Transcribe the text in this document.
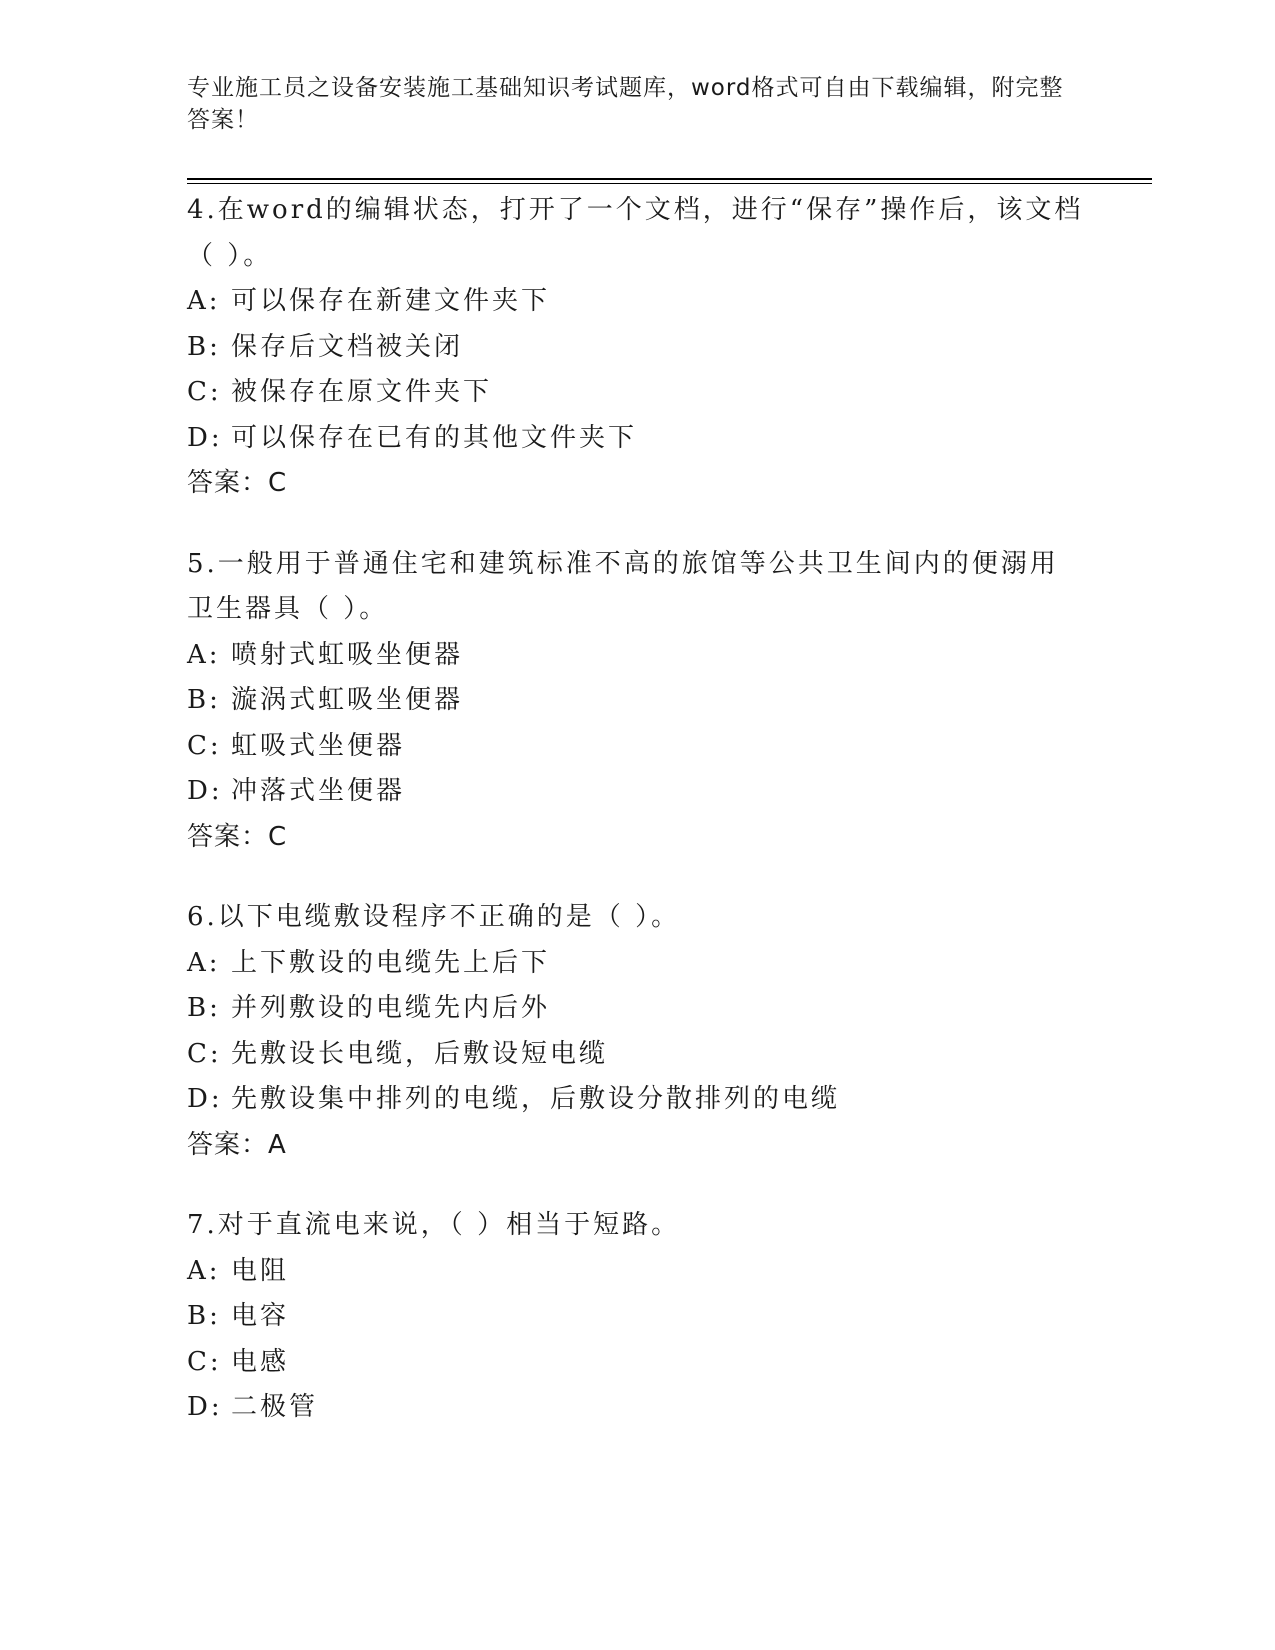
专业施工员之设备安装施工基础知识考试题库，word格式可自由下载编辑，附完整答案！
4.在word的编辑状态，打开了一个文档，进行“保存”操作后，该文档（ ）。
A: 可以保存在新建文件夹下
B: 保存后文档被关闭
C: 被保存在原文件夹下
D: 可以保存在已有的其他文件夹下
答案：C
5.一般用于普通住宅和建筑标准不高的旅馆等公共卫生间内的便溺用卫生器具（ ）。
A: 喷射式虹吸坐便器
B: 漩涡式虹吸坐便器
C: 虹吸式坐便器
D: 冲落式坐便器
答案：C
6.以下电缆敷设程序不正确的是（ ）。
A: 上下敷设的电缆先上后下
B: 并列敷设的电缆先内后外
C: 先敷设长电缆，后敷设短电缆
D: 先敷设集中排列的电缆，后敷设分散排列的电缆
答案：A
7.对于直流电来说，（ ）相当于短路。
A: 电阻
B: 电容
C: 电感
D: 二极管
